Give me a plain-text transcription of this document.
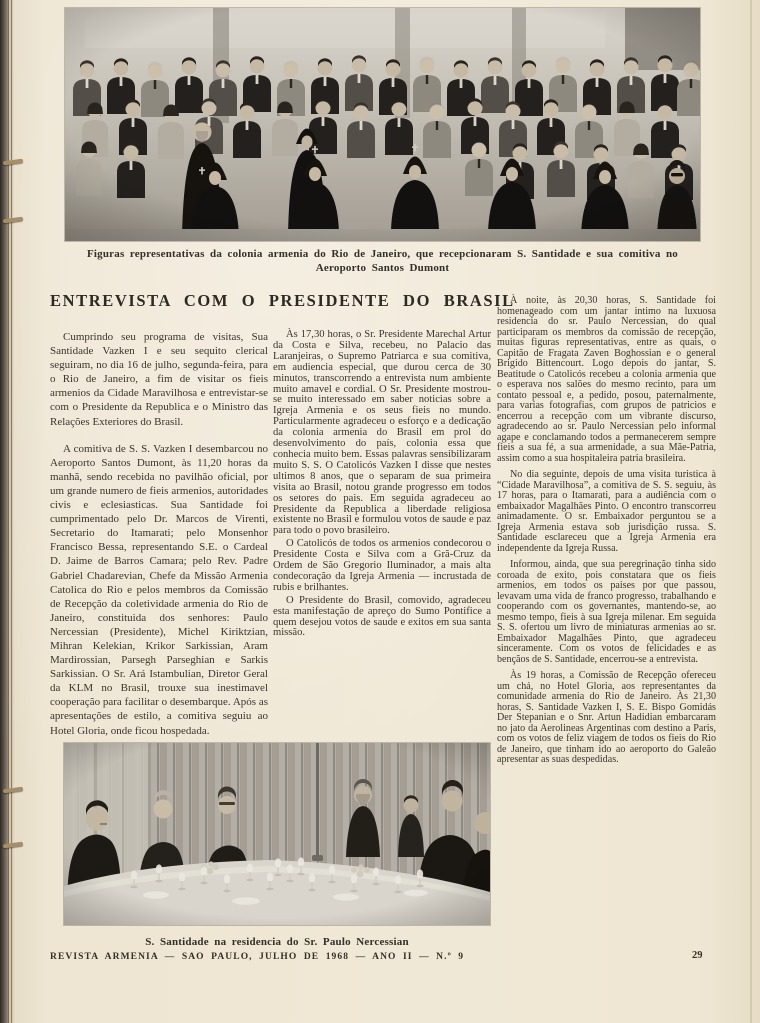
Figuras representativas da colonia armenia do Rio de Janeiro, que recepcionaram S. Santidade e sua comitiva no Aeroporto Santos Dumont
ENTREVISTA COM O PRESIDENTE DO BRASIL

Cumprindo seu programa de visitas, Sua Santidade Vazken I e seu sequito clerical seguiram, no dia 16 de julho, segunda-feira, para o Rio de Janeiro, a fim de visitar os fieis armenios da Cidade Maravilhosa e entrevistar-se com o Presidente da Republica e o Ministro das Relações Exteriores do Brasil.

A comitiva de S. S. Vazken I desembarcou no Aeroporto Santos Dumont, às 11,20 horas da manhã, sendo recebida no pavilhão oficial, por um grande numero de fieis armenios, autoridades civis e eclesiasticas. Sua Santidade foi cumprimentado pelo Dr. Marcos de Virenti, Secretario do Itamarati; pelo Monsenhor Francisco Bessa, representando S.E. o Cardeal D. Jaime de Barros Camara; pelo Rev. Padre Gabriel Chadarevian, Chefe da Missão Armenia Catolica do Rio e pelos membros da Comissão de Recepção da coletividade armenia do Rio de Janeiro, constituida dos senhores: Paulo Nercessian (Presidente), Michel Kiriktzian, Mihran Kelekian, Krikor Sarkissian, Aram Mardirossian, Parsegh Parseghian e Sarkis Sarkissian. O Sr. Ará Istambulian, Diretor Geral da KLM no Brasil, trouxe sua inestimavel cooperação para facilitar o desembarque. Após as apresentações de estilo, a comitiva seguiu ao Hotel Gloria, onde ficou hospedada.

Às 17,30 horas, o Sr. Presidente Marechal Artur da Costa e Silva, recebeu, no Palacio das Laranjeiras, o Supremo Patriarca e sua comitiva, em audiencia especial, que durou cerca de 30 minutos, transcorrendo a entrevista num ambiente muito amavel e cordial. O Sr. Presidente mostrou-se muito interessado em saber noticias sobre a Igreja Armenia e os seus fieis no mundo. Particularmente agradeceu o esforço e a dedicação da colonia armenia do Brasil em prol do desenvolvimento do país, colonia essa que conhecia muito bem. Essas palavras sensibilizaram muito S. S. O Catolicós Vazken I disse que nestes ultimos 8 anos, que o separam de sua primeira visita ao Brasil, notou grande progresso em todos os setores do pais. Em seguida agradeceu ao Presidente da Republica a liberdade religiosa existente no Brasil e formulou votos de saude e paz para todo o povo brasileiro.

O Catolicós de todos os armenios condecorou o Presidente Costa e Silva com a Grã-Cruz da Ordem de São Gregorio Iluminador, a mais alta condecoração da Igreja Armenia — incrustada de rubis e brilhantes.

O Presidente do Brasil, comovido, agradeceu esta manifestação de apreço do Sumo Pontifice a quem desejou votos de saude e exitos em sua santa missão.

À noite, às 20,30 horas, S. Santidade foi homenageado com um jantar intimo na luxuosa residencia do sr. Paulo Nercessian, do qual participaram os membros da comissão de recepção, muitas figuras representativas, entre as quais, o Capitão de Fragata Zaven Boghossian e o general Brigido Bittencourt. Logo depois do jantar, S. Beatitude o Catolicós recebeu a colonia armenia que o esperava nos salões do mesmo recinto, para um contato pessoal e, a pedido, posou, paternalmente, para varias fotografias, com grupos de patricios e encerrou a recepção com um vibrante discurso, agradecendo ao sr. Paulo Nercessian pelo informal agape e conclamando todos a permanecerem sempre fieis a sua fé, a sua armenidade, a sua Mãe-Patria, assim como a sua hospitaleira patria brasileira.

No dia seguinte, depois de uma visita turistica à “Cidade Maravilhosa”, a comitiva de S. S. seguiu, às 17 horas, para o Itamarati, para a audiência com o embaixador Magalhães Pinto. O encontro transcorreu animadamente. O sr. Embaixador perguntou se a Igreja Armenia estava sob jurisdição russa. S. Santidade esclareceu que a Igreja Armenia era independente da Igreja Russa.

Informou, ainda, que sua peregrinação tinha sido coroada de exito, pois constatara que os fieis armenios, em todos os paises por que passou, levavam uma vida de franco progresso, trabalhando e cooperando com os governantes, mantendo-se, ao mesmo tempo, fieis à sua Igreja milenar. Em seguida S. S. ofertou um livro de miniaturas armenias ao sr. Embaixador Magalhães Pinto, que agradeceu sinceramente. Com os votos de felicidades e as bençãos de S. Santidade, encerrou-se a entrevista.

Às 19 horas, a Comissão de Recepção ofereceu um chá, no Hotel Gloria, aos representantes da comunidade armenia do Rio de Janeiro. Às 21,30 horas, S. Santidade Vazken I, S. E. Bispo Gomidás Der Stepanian e o Snr. Artun Hadidian embarcaram no jato da Aerolineas Argentinas com destino a Paris, com os votos de feliz viagem de todos os fieis do Rio de Janeiro, que tinham ido ao aeroporto do Galeão apresentar as suas despedidas.

S. Santidade na residencia do Sr. Paulo Nercessian
REVISTA ARMENIA — SAO PAULO, JULHO DE 1968 — ANO II — N.º 9	29
